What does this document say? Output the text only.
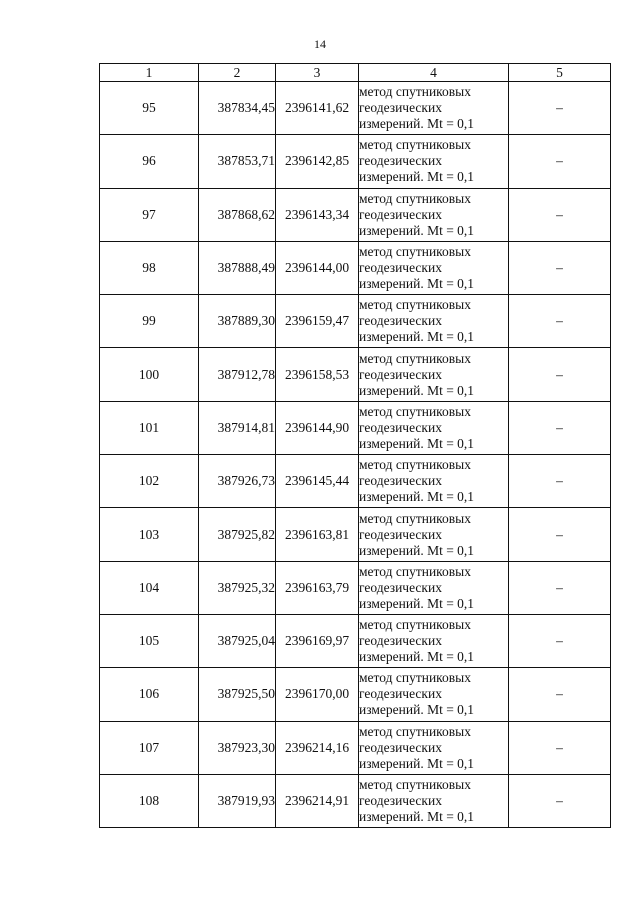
14
1	2	3	4	5
95	387834,45	2396141,62	метод спутниковых
геодезических
измерений. Mt = 0,1	–
96	387853,71	2396142,85	метод спутниковых
геодезических
измерений. Mt = 0,1	–
97	387868,62	2396143,34	метод спутниковых
геодезических
измерений. Mt = 0,1	–
98	387888,49	2396144,00	метод спутниковых
геодезических
измерений. Mt = 0,1	–
99	387889,30	2396159,47	метод спутниковых
геодезических
измерений. Mt = 0,1	–
100	387912,78	2396158,53	метод спутниковых
геодезических
измерений. Mt = 0,1	–
101	387914,81	2396144,90	метод спутниковых
геодезических
измерений. Mt = 0,1	–
102	387926,73	2396145,44	метод спутниковых
геодезических
измерений. Mt = 0,1	–
103	387925,82	2396163,81	метод спутниковых
геодезических
измерений. Mt = 0,1	–
104	387925,32	2396163,79	метод спутниковых
геодезических
измерений. Mt = 0,1	–
105	387925,04	2396169,97	метод спутниковых
геодезических
измерений. Mt = 0,1	–
106	387925,50	2396170,00	метод спутниковых
геодезических
измерений. Mt = 0,1	–
107	387923,30	2396214,16	метод спутниковых
геодезических
измерений. Mt = 0,1	–
108	387919,93	2396214,91	метод спутниковых
геодезических
измерений. Mt = 0,1	–
